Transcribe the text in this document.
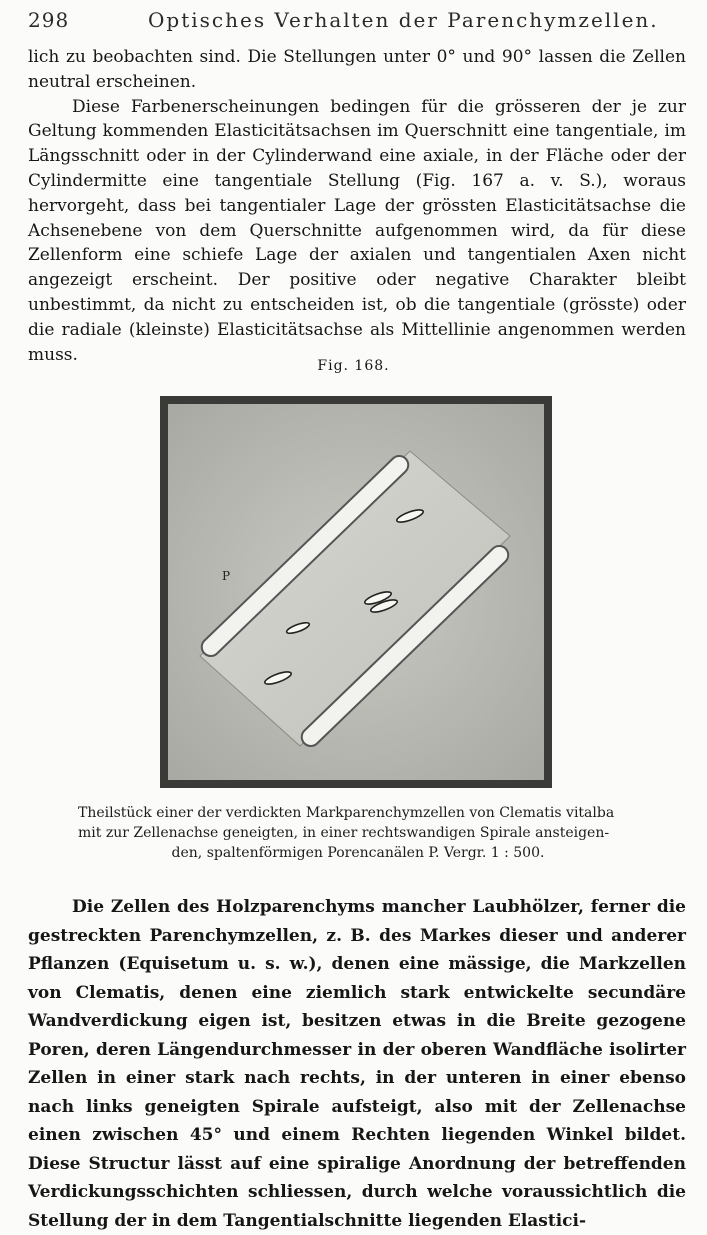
298	Optisches Verhalten der Parenchymzellen.

lich zu beobachten sind. Die Stellungen unter 0° und 90° lassen die Zellen neutral erscheinen.

Diese Farbenerscheinungen bedingen für die grösseren der je zur Geltung kommenden Elasticitätsachsen im Querschnitt eine tangentiale, im Längsschnitt oder in der Cylinderwand eine axiale, in der Fläche oder der Cylindermitte eine tangentiale Stellung (Fig. 167 a. v. S.), woraus hervorgeht, dass bei tangentialer Lage der grössten Elasticitätsachse die Achsenebene von dem Querschnitte aufgenommen wird, da für diese Zellenform eine schiefe Lage der axialen und tangentialen Axen nicht angezeigt erscheint. Der positive oder negative Charakter bleibt unbestimmt, da nicht zu entscheiden ist, ob die tangentiale (grösste) oder die radiale (kleinste) Elasticitätsachse als Mittellinie angenommen werden muss.

Fig. 168.
P
Theilstück einer der verdickten Markparenchymzellen von Clematis vitalba
mit zur Zellenachse geneigten, in einer rechtswandigen Spirale ansteigen-
den, spaltenförmigen Porencanälen P. Vergr. 1 : 500.

Die Zellen des Holzparenchyms mancher Laubhölzer, ferner die gestreckten Parenchymzellen, z. B. des Markes dieser und anderer Pflanzen (Equisetum u. s. w.), denen eine mässige, die Markzellen von Clematis, denen eine ziemlich stark entwickelte secundäre Wandverdickung eigen ist, besitzen etwas in die Breite gezogene Poren, deren Längendurchmesser in der oberen Wandfläche isolirter Zellen in einer stark nach rechts, in der unteren in einer ebenso nach links geneigten Spirale aufsteigt, also mit der Zellenachse einen zwischen 45° und einem Rechten liegenden Winkel bildet. Diese Structur lässt auf eine spiralige Anordnung der betreffenden Verdickungsschichten schliessen, durch welche voraussichtlich die Stellung der in dem Tangentialschnitte liegenden Elastici-
